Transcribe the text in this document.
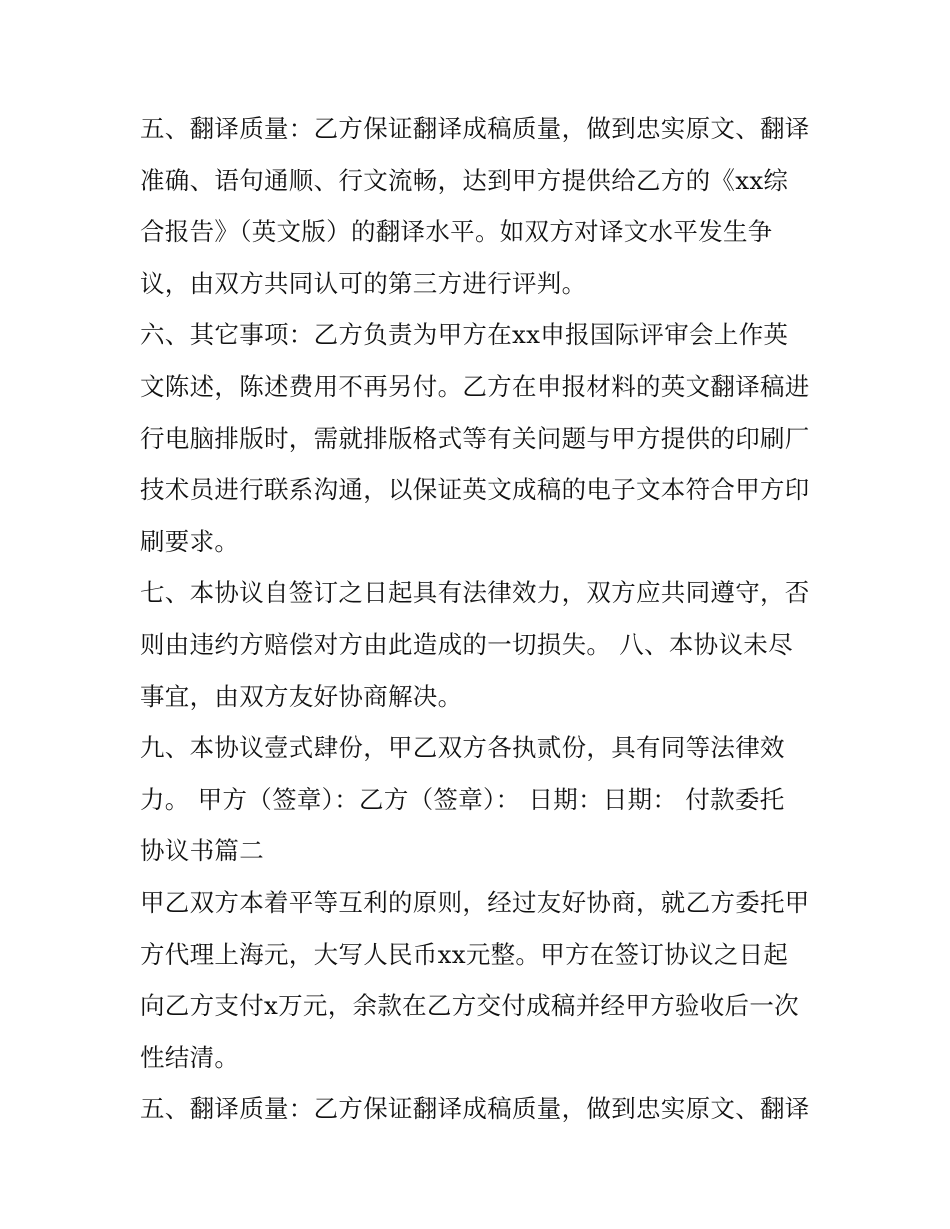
五、翻译质量：乙方保证翻译成稿质量，做到忠实原文、翻译
准确、语句通顺、行文流畅，达到甲方提供给乙方的《xx综
合报告》（英文版）的翻译水平。如双方对译文水平发生争
议，由双方共同认可的第三方进行评判。
六、其它事项：乙方负责为甲方在xx申报国际评审会上作英
文陈述，陈述费用不再另付。乙方在申报材料的英文翻译稿进
行电脑排版时，需就排版格式等有关问题与甲方提供的印刷厂
技术员进行联系沟通，以保证英文成稿的电子文本符合甲方印
刷要求。
七、本协议自签订之日起具有法律效力，双方应共同遵守，否
则由违约方赔偿对方由此造成的一切损失。 八、本协议未尽
事宜，由双方友好协商解决。
九、本协议壹式肆份，甲乙双方各执贰份，具有同等法律效
力。 甲方（签章）：乙方（签章）： 日期：日期： 付款委托
协议书篇二
甲乙双方本着平等互利的原则，经过友好协商，就乙方委托甲
方代理上海元，大写人民币xx元整。甲方在签订协议之日起
向乙方支付x万元，余款在乙方交付成稿并经甲方验收后一次
性结清。
五、翻译质量：乙方保证翻译成稿质量，做到忠实原文、翻译
